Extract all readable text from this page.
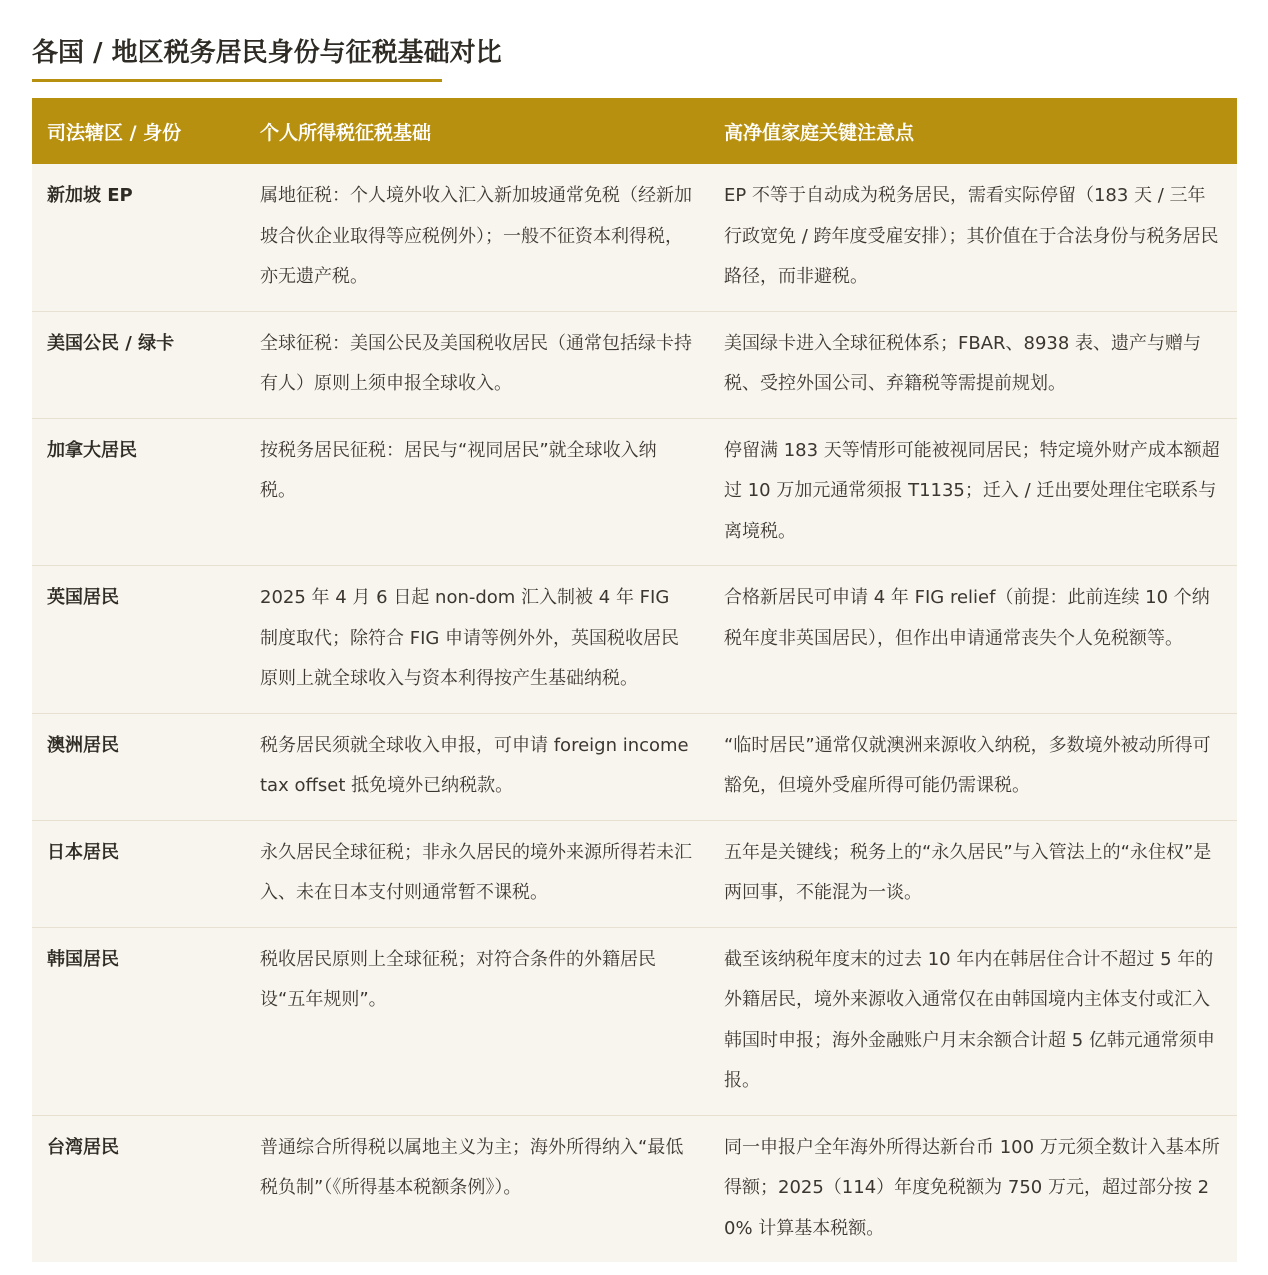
各国 / 地区税务居民身份与征税基础对比
司法辖区 / 身份	个人所得税征税基础	高净值家庭关键注意点
新加坡 EP	属地征税：个人境外收入汇入新加坡通常免税（经新加坡合伙企业取得等应税例外）；一般不征资本利得税，亦无遗产税。	EP 不等于自动成为税务居民，需看实际停留（183 天 / 三年行政宽免 / 跨年度受雇安排）；其价值在于合法身份与税务居民路径，而非避税。
美国公民 / 绿卡	全球征税：美国公民及美国税收居民（通常包括绿卡持有人）原则上须申报全球收入。	美国绿卡进入全球征税体系；FBAR、8938 表、遗产与赠与税、受控外国公司、弃籍税等需提前规划。
加拿大居民	按税务居民征税：居民与“视同居民”就全球收入纳税。	停留满 183 天等情形可能被视同居民；特定境外财产成本额超过 10 万加元通常须报 T1135；迁入 / 迁出要处理住宅联系与离境税。
英国居民	2025 年 4 月 6 日起 non-dom 汇入制被 4 年 FIG 制度取代；除符合 FIG 申请等例外外，英国税收居民原则上就全球收入与资本利得按产生基础纳税。	合格新居民可申请 4 年 FIG relief（前提：此前连续 10 个纳税年度非英国居民），但作出申请通常丧失个人免税额等。
澳洲居民	税务居民须就全球收入申报，可申请 foreign income tax offset 抵免境外已纳税款。	“临时居民”通常仅就澳洲来源收入纳税，多数境外被动所得可豁免，但境外受雇所得可能仍需课税。
日本居民	永久居民全球征税；非永久居民的境外来源所得若未汇入、未在日本支付则通常暂不课税。	五年是关键线；税务上的“永久居民”与入管法上的“永住权”是两回事，不能混为一谈。
韩国居民	税收居民原则上全球征税；对符合条件的外籍居民设“五年规则”。	截至该纳税年度末的过去 10 年内在韩居住合计不超过 5 年的外籍居民，境外来源收入通常仅在由韩国境内主体支付或汇入韩国时申报；海外金融账户月末余额合计超 5 亿韩元通常须申报。
台湾居民	普通综合所得税以属地主义为主；海外所得纳入“最低税负制”（《所得基本税额条例》）。	同一申报户全年海外所得达新台币 100 万元须全数计入基本所得额；2025（114）年度免税额为 750 万元，超过部分按 20% 计算基本税额。
